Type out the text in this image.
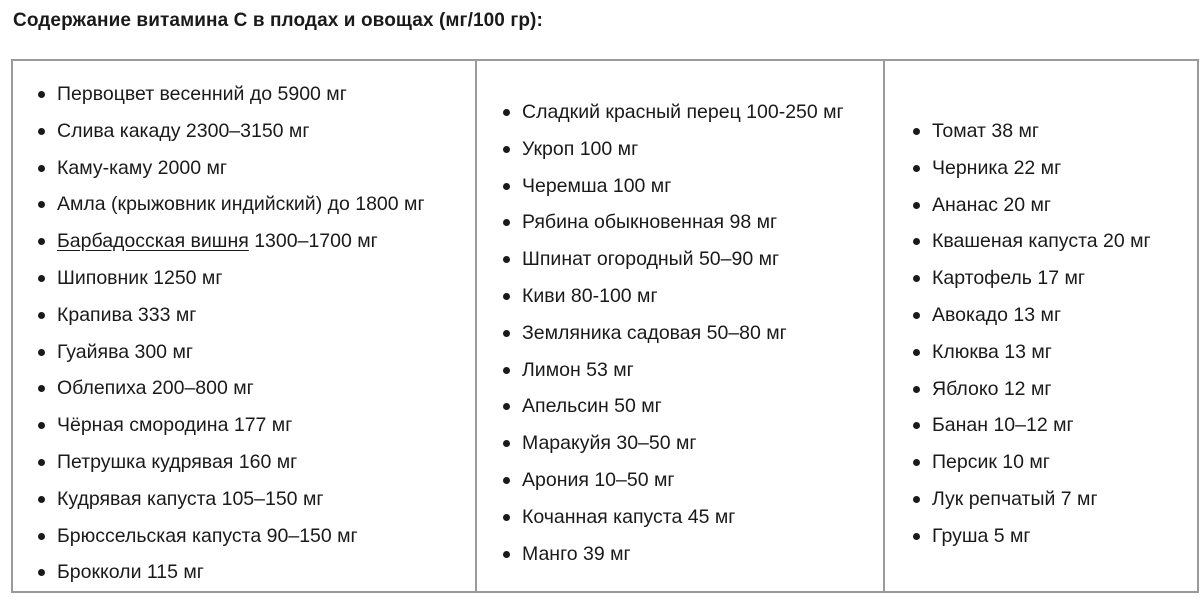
Содержание витамина С в плодах и овощах (мг/100 гр):
Первоцвет весенний до 5900 мг
Слива какаду 2300–3150 мг
Каму-каму 2000 мг
Амла (крыжовник индийский) до 1800 мг
Барбадосская вишня 1300–1700 мг
Шиповник 1250 мг
Крапива 333 мг
Гуайява 300 мг
Облепиха 200–800 мг
Чёрная смородина 177 мг
Петрушка кудрявая 160 мг
Кудрявая капуста 105–150 мг
Брюссельская капуста 90–150 мг
Брокколи 115 мг
Сладкий красный перец 100-250 мг
Укроп 100 мг
Черемша 100 мг
Рябина обыкновенная 98 мг
Шпинат огородный 50–90 мг
Киви 80-100 мг
Земляника садовая 50–80 мг
Лимон 53 мг
Апельсин 50 мг
Маракуйя 30–50 мг
Арония 10–50 мг
Кочанная капуста 45 мг
Манго 39 мг
Томат 38 мг
Черника 22 мг
Ананас 20 мг
Квашеная капуста 20 мг
Картофель 17 мг
Авокадо 13 мг
Клюква 13 мг
Яблоко 12 мг
Банан 10–12 мг
Персик 10 мг
Лук репчатый 7 мг
Груша 5 мг
